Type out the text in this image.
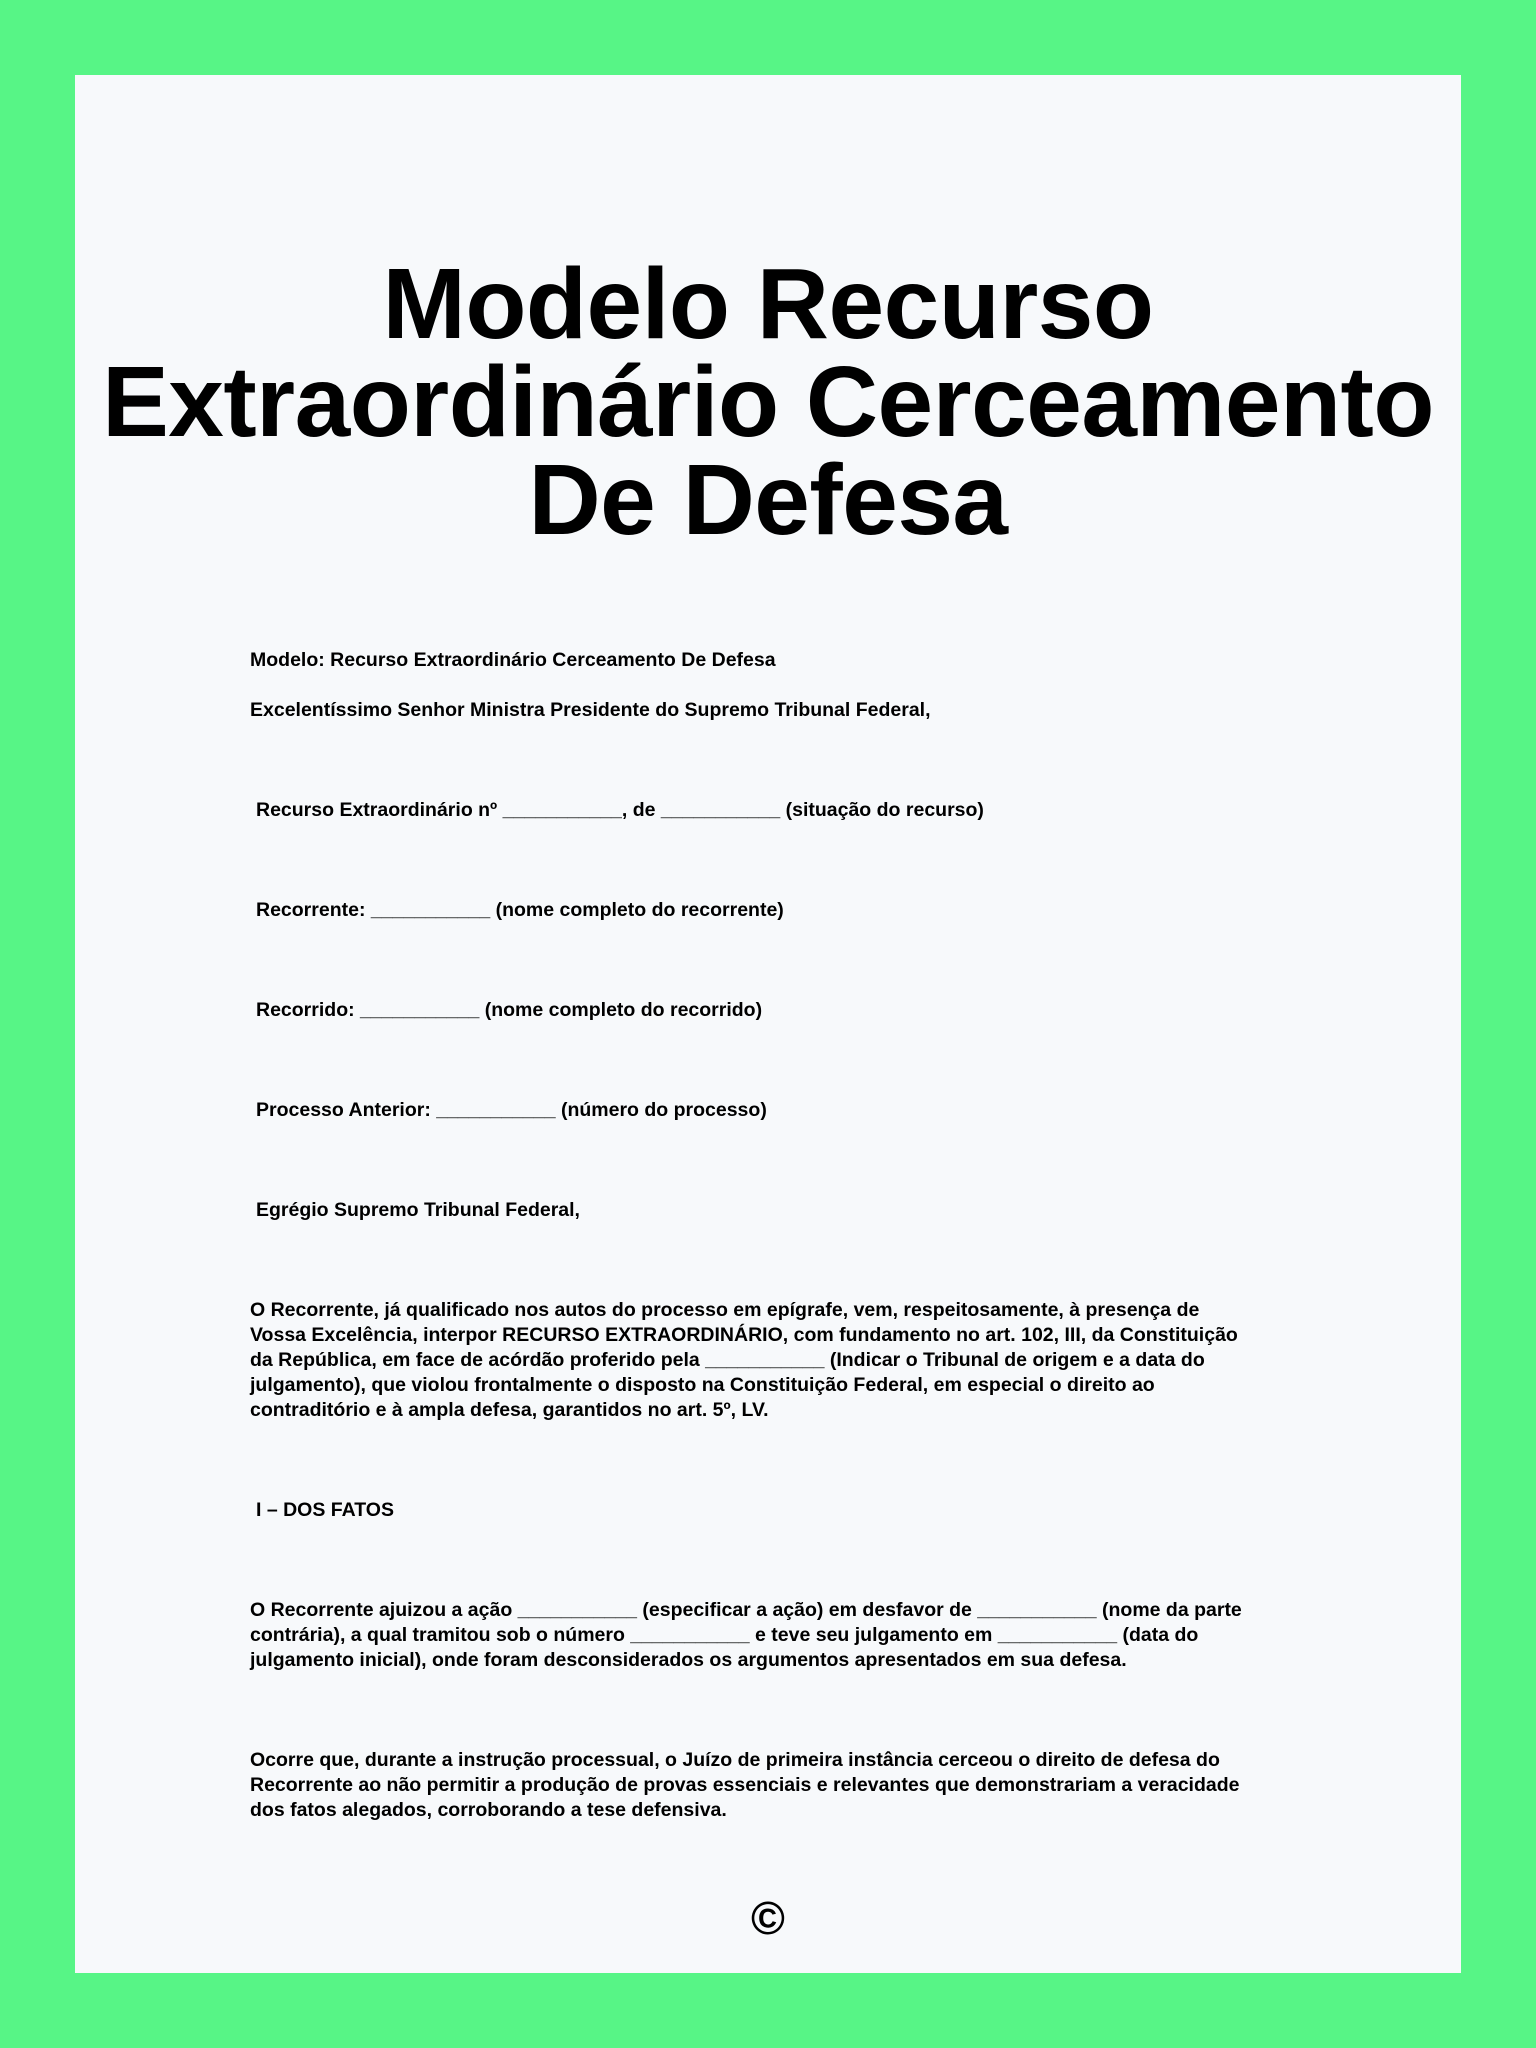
Modelo Recurso
Extraordinário Cerceamento
De Defesa
Modelo: Recurso Extraordinário Cerceamento De Defesa
Excelentíssimo Senhor Ministra Presidente do Supremo Tribunal Federal,
Recurso Extraordinário nº ___________, de ___________ (situação do recurso)
Recorrente: ___________ (nome completo do recorrente)
Recorrido: ___________ (nome completo do recorrido)
Processo Anterior: ___________ (número do processo)
Egrégio Supremo Tribunal Federal,
O Recorrente, já qualificado nos autos do processo em epígrafe, vem, respeitosamente, à presença de
Vossa Excelência, interpor RECURSO EXTRAORDINÁRIO, com fundamento no art. 102, III, da Constituição
da República, em face de acórdão proferido pela ___________ (Indicar o Tribunal de origem e a data do
julgamento), que violou frontalmente o disposto na Constituição Federal, em especial o direito ao
contraditório e à ampla defesa, garantidos no art. 5º, LV.
I – DOS FATOS
O Recorrente ajuizou a ação ___________ (especificar a ação) em desfavor de ___________ (nome da parte
contrária), a qual tramitou sob o número ___________ e teve seu julgamento em ___________ (data do
julgamento inicial), onde foram desconsiderados os argumentos apresentados em sua defesa.
Ocorre que, durante a instrução processual, o Juízo de primeira instância cerceou o direito de defesa do
Recorrente ao não permitir a produção de provas essenciais e relevantes que demonstrariam a veracidade
dos fatos alegados, corroborando a tese defensiva.
©
